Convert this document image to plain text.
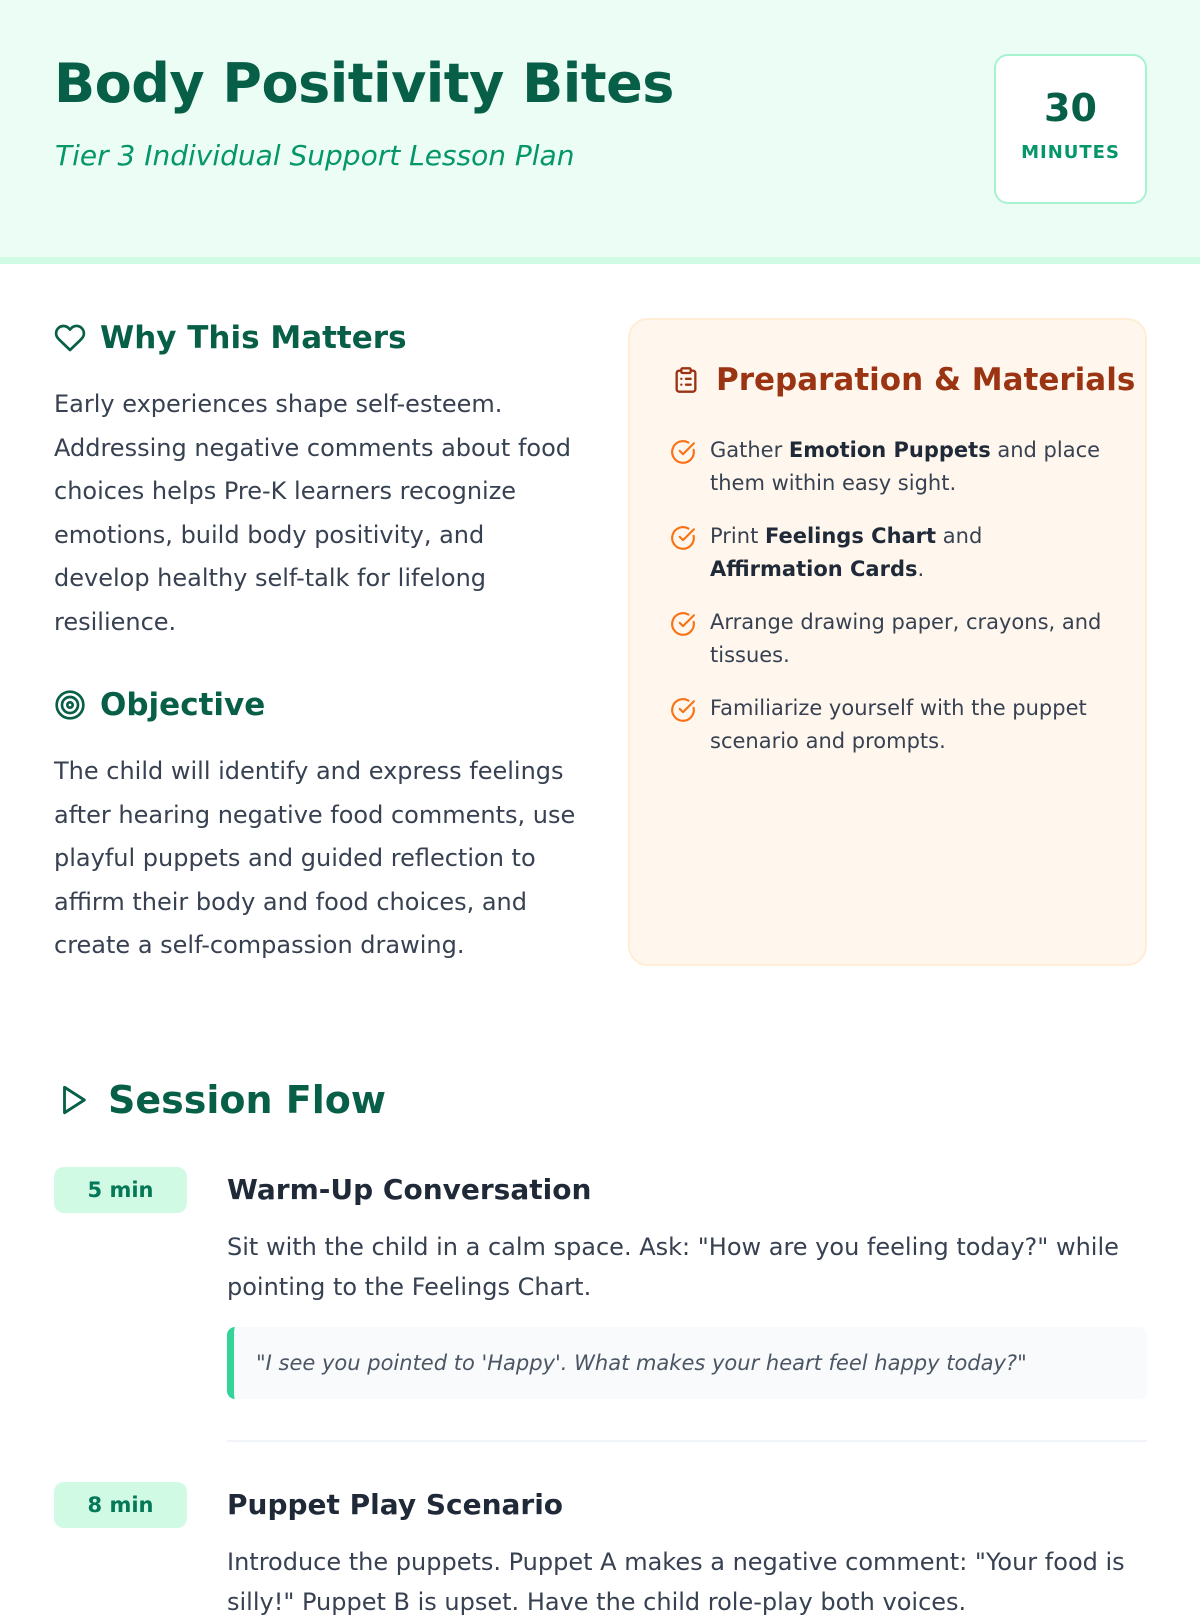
Body Positivity Bites
Tier 3 Individual Support Lesson Plan
30
MINUTES
Why This Matters

Early experiences shape self-esteem. Addressing negative comments about food choices helps Pre-K learners recognize emotions, build body positivity, and develop healthy self-talk for lifelong resilience.

Objective

The child will identify and express feelings after hearing negative food comments, use playful puppets and guided reflection to affirm their body and food choices, and create a self-compassion drawing.

Preparation & Materials
Gather Emotion Puppets and place them within easy sight.
Print Feelings Chart and Affirmation Cards.
Arrange drawing paper, crayons, and tissues.
Familiarize yourself with the puppet scenario and prompts.
Session Flow
5 min	Warm-Up Conversation

Sit with the child in a calm space. Ask: "How are you feeling today?" while pointing to the Feelings Chart.

"I see you pointed to 'Happy'. What makes your heart feel happy today?"
8 min	Puppet Play Scenario

Introduce the puppets. Puppet A makes a negative comment: "Your food is silly!" Puppet B is upset. Have the child role-play both voices.
